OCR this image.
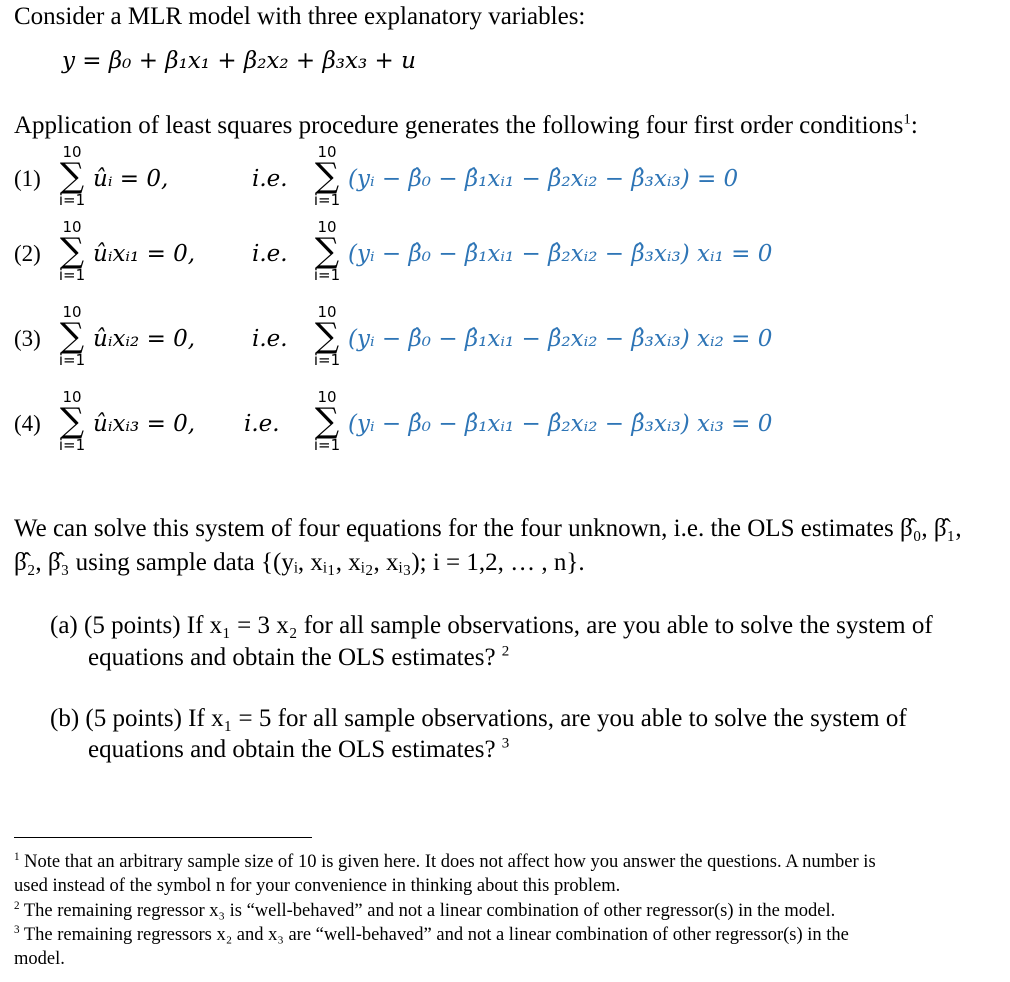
Consider a MLR model with three explanatory variables:
y = β₀ + β₁x₁ + β₂x₂ + β₃x₃ + u
Application of least squares procedure generates the following four first order conditions$^1$:
(1)
10
∑
i=1
10
∑
i=1
ûᵢ = 0,	i.e.	(yᵢ − β̂₀ − β̂₁xᵢ₁ − β̂₂xᵢ₂ − β̂₃xᵢ₃) = 0
(2)
10
∑
i=1
10
∑
i=1
ûᵢxᵢ₁ = 0, i.e.	(yᵢ − β̂₀ − β̂₁xᵢ₁ − β̂₂xᵢ₂ − β̂₃xᵢ₃) xᵢ₁ = 0
(3)
10
∑
i=1
10
∑
i=1
ûᵢxᵢ₂ = 0, i.e.	(yᵢ − β̂₀ − β̂₁xᵢ₁ − β̂₂xᵢ₂ − β̂₃xᵢ₃) xᵢ₂ = 0
(4)
10
∑
i=1
10
∑
i=1
ûᵢxᵢ₃ = 0, i.e.	(yᵢ − β̂₀ − β̂₁xᵢ₁ − β̂₂xᵢ₂ − β̂₃xᵢ₃) xᵢ₃ = 0
We can solve this system of four equations for the four unknown, i.e. the OLS estimates β̂₀, β̂₁,
β̂₂, β̂₃ using sample data {(yᵢ, xᵢ₁, xᵢ₂, xᵢ₃); i = 1,2, … , n}.
(a) (5 points) If x₁ = 3 x₂ for all sample observations, are you able to solve the system of
equations and obtain the OLS estimates? $^2$
(b) (5 points) If x₁ = 5 for all sample observations, are you able to solve the system of
equations and obtain the OLS estimates? $^3$
$^1$ Note that an arbitrary sample size of 10 is given here. It does not affect how you answer the questions. A number is
used instead of the symbol n for your convenience in thinking about this problem.
$^2$ The remaining regressor x₃ is “well-behaved” and not a linear combination of other regressor(s) in the model.
$^3$ The remaining regressors x₂ and x₃ are “well-behaved” and not a linear combination of other regressor(s) in the
model.
